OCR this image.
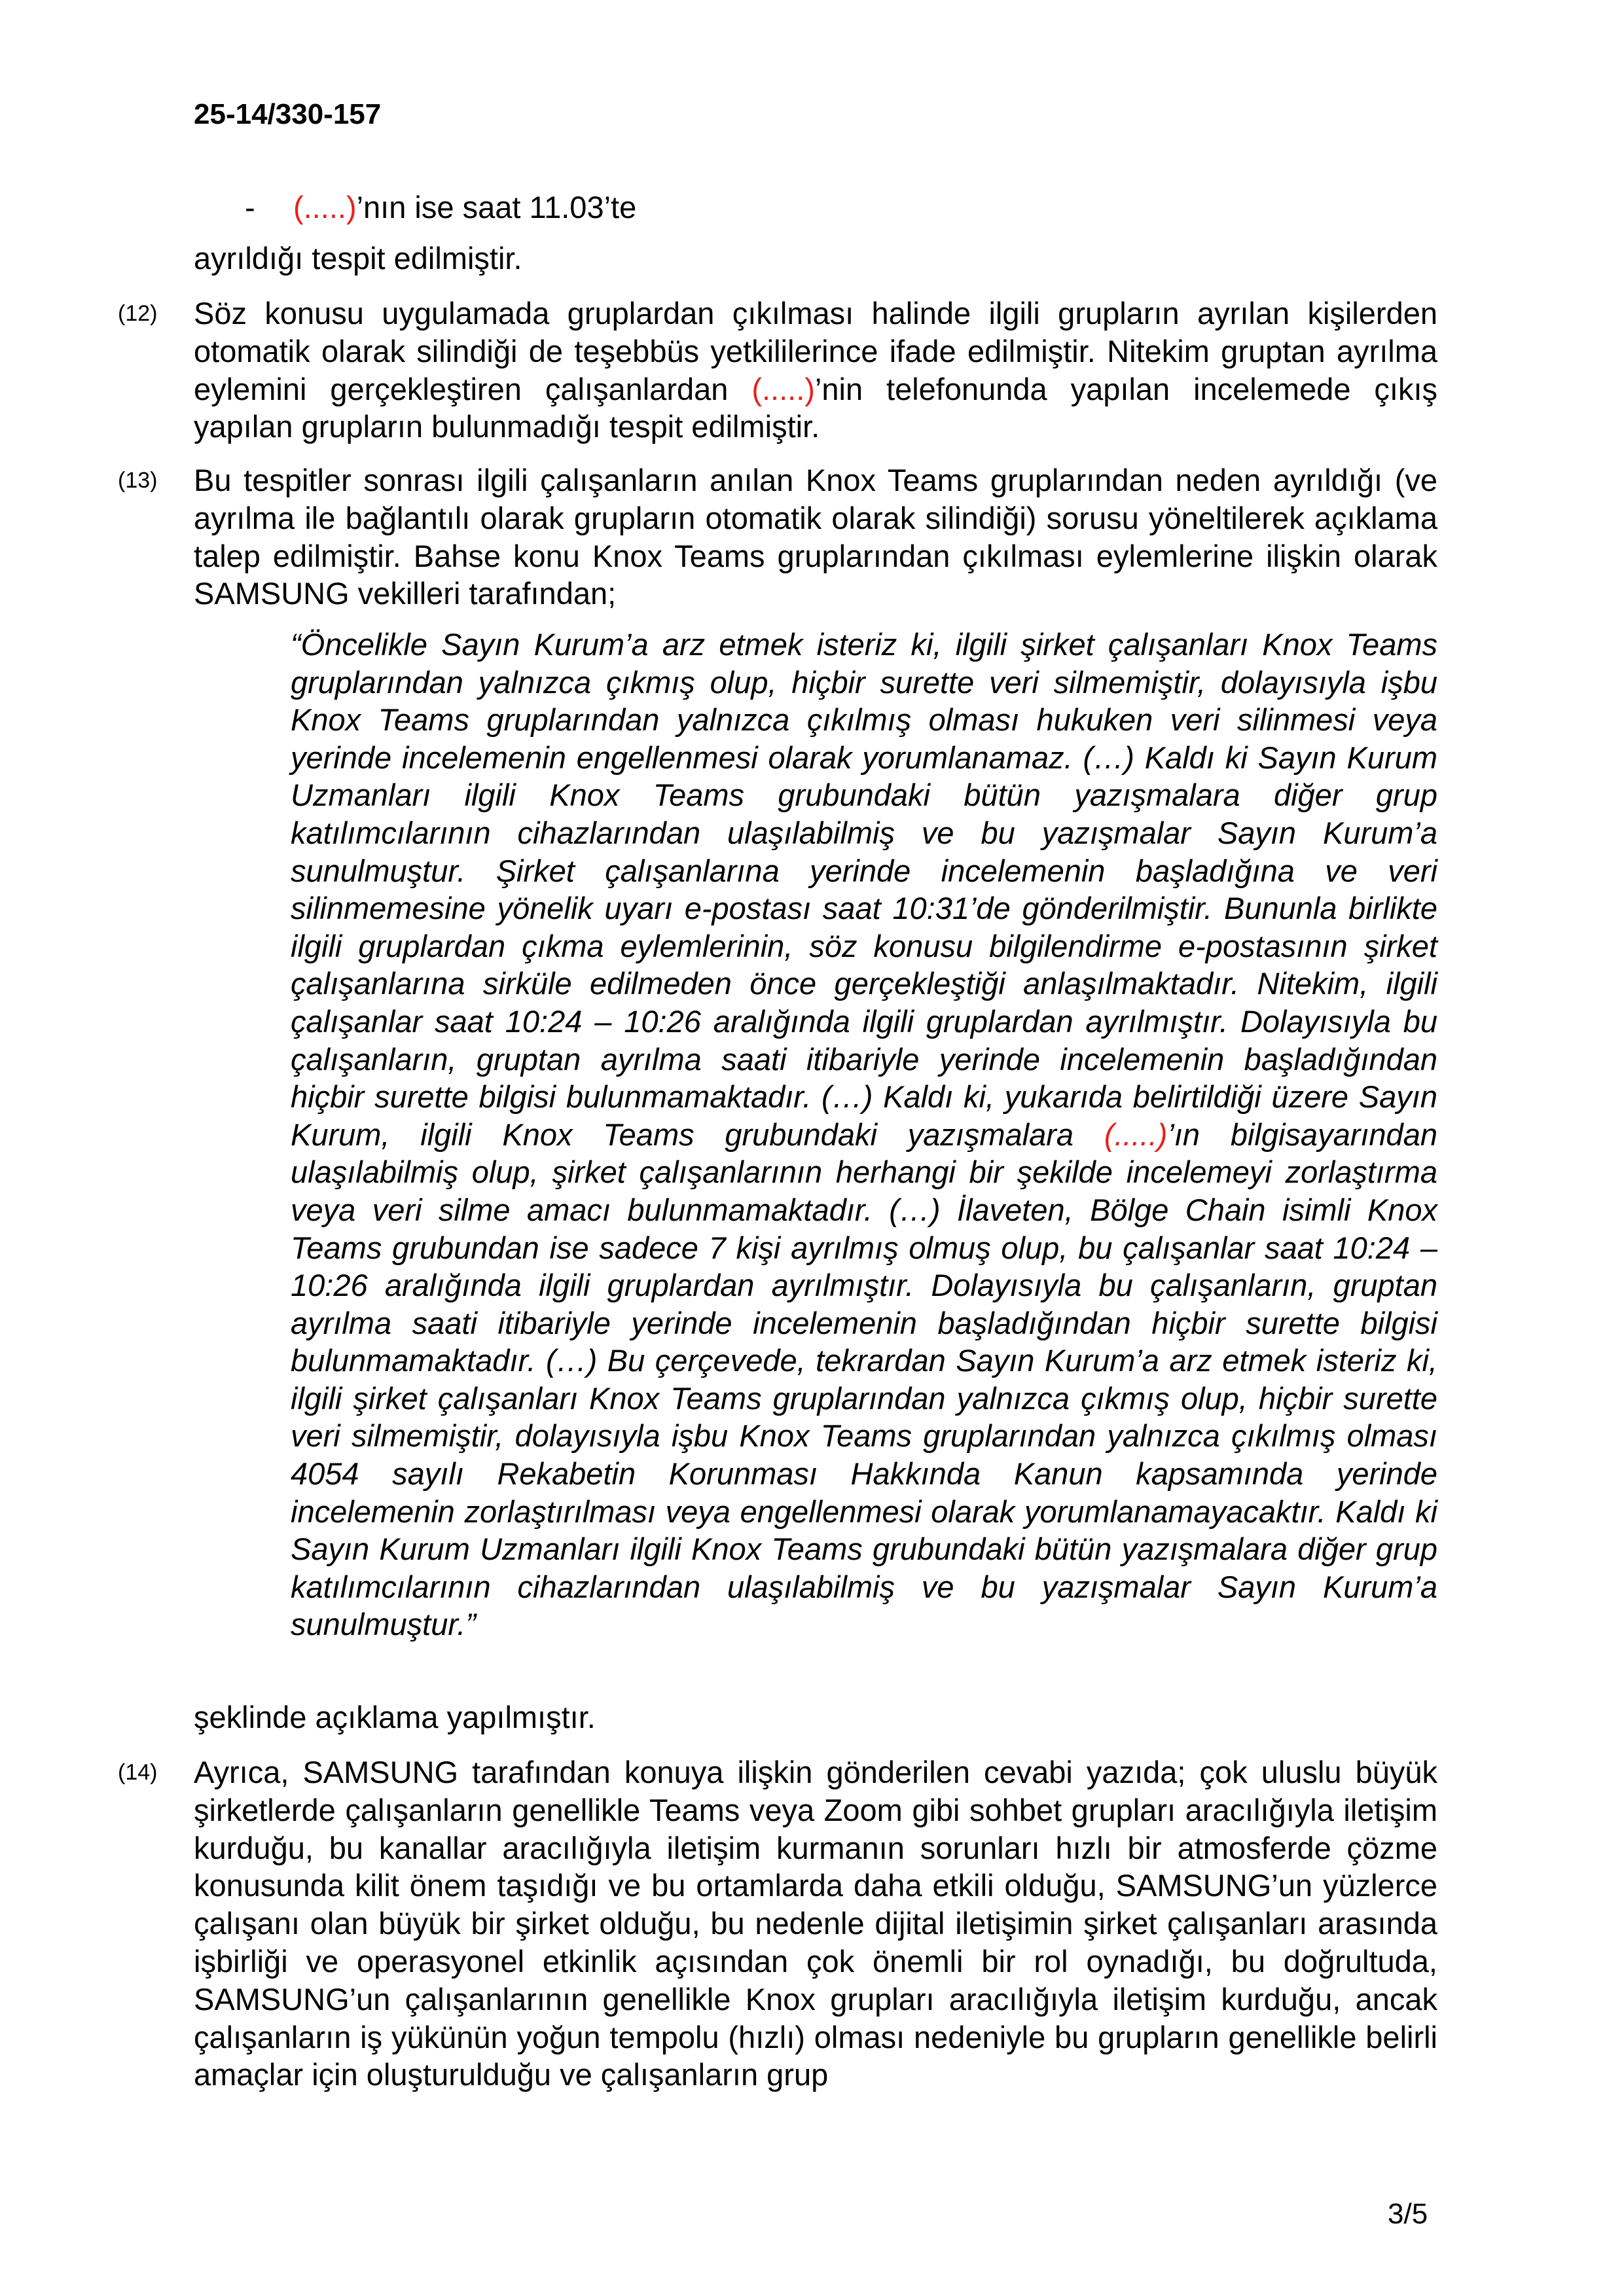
25-14/330-157

- (.....)’nın ise saat 11.03’te

ayrıldığı tespit edilmiştir.

(12) Söz konusu uygulamada gruplardan çıkılması halinde ilgili grupların ayrılan kişilerden otomatik olarak silindiği de teşebbüs yetkililerince ifade edilmiştir. Nitekim gruptan ayrılma eylemini gerçekleştiren çalışanlardan (.....)’nin telefonunda yapılan incelemede çıkış yapılan grupların bulunmadığı tespit edilmiştir.

(13) Bu tespitler sonrası ilgili çalışanların anılan Knox Teams gruplarından neden ayrıldığı (ve ayrılma ile bağlantılı olarak grupların otomatik olarak silindiği) sorusu yöneltilerek açıklama talep edilmiştir. Bahse konu Knox Teams gruplarından çıkılması eylemlerine ilişkin olarak SAMSUNG vekilleri tarafından;

“Öncelikle Sayın Kurum’a arz etmek isteriz ki, ilgili şirket çalışanları Knox Teams gruplarından yalnızca çıkmış olup, hiçbir surette veri silmemiştir, dolayısıyla işbu Knox Teams gruplarından yalnızca çıkılmış olması hukuken veri silinmesi veya yerinde incelemenin engellenmesi olarak yorumlanamaz. (…) Kaldı ki Sayın Kurum Uzmanları ilgili Knox Teams grubundaki bütün yazışmalara diğer grup katılımcılarının cihazlarından ulaşılabilmiş ve bu yazışmalar Sayın Kurum’a sunulmuştur. Şirket çalışanlarına yerinde incelemenin başladığına ve veri silinmemesine yönelik uyarı e-postası saat 10:31’de gönderilmiştir. Bununla birlikte ilgili gruplardan çıkma eylemlerinin, söz konusu bilgilendirme e-postasının şirket çalışanlarına sirküle edilmeden önce gerçekleştiği anlaşılmaktadır. Nitekim, ilgili çalışanlar saat 10:24 – 10:26 aralığında ilgili gruplardan ayrılmıştır. Dolayısıyla bu çalışanların, gruptan ayrılma saati itibariyle yerinde incelemenin başladığından hiçbir surette bilgisi bulunmamaktadır. (…) Kaldı ki, yukarıda belirtildiği üzere Sayın Kurum, ilgili Knox Teams grubundaki yazışmalara (.....)’ın bilgisayarından ulaşılabilmiş olup, şirket çalışanlarının herhangi bir şekilde incelemeyi zorlaştırma veya veri silme amacı bulunmamaktadır. (…) İlaveten, Bölge Chain isimli Knox Teams grubundan ise sadece 7 kişi ayrılmış olmuş olup, bu çalışanlar saat 10:24 – 10:26 aralığında ilgili gruplardan ayrılmıştır. Dolayısıyla bu çalışanların, gruptan ayrılma saati itibariyle yerinde incelemenin başladığından hiçbir surette bilgisi bulunmamaktadır. (…) Bu çerçevede, tekrardan Sayın Kurum’a arz etmek isteriz ki, ilgili şirket çalışanları Knox Teams gruplarından yalnızca çıkmış olup, hiçbir surette veri silmemiştir, dolayısıyla işbu Knox Teams gruplarından yalnızca çıkılmış olması 4054 sayılı Rekabetin Korunması Hakkında Kanun kapsamında yerinde incelemenin zorlaştırılması veya engellenmesi olarak yorumlanamayacaktır. Kaldı ki Sayın Kurum Uzmanları ilgili Knox Teams grubundaki bütün yazışmalara diğer grup katılımcılarının cihazlarından ulaşılabilmiş ve bu yazışmalar Sayın Kurum’a sunulmuştur.”

şeklinde açıklama yapılmıştır.

(14) Ayrıca, SAMSUNG tarafından konuya ilişkin gönderilen cevabi yazıda; çok uluslu büyük şirketlerde çalışanların genellikle Teams veya Zoom gibi sohbet grupları aracılığıyla iletişim kurduğu, bu kanallar aracılığıyla iletişim kurmanın sorunları hızlı bir atmosferde çözme konusunda kilit önem taşıdığı ve bu ortamlarda daha etkili olduğu, SAMSUNG’un yüzlerce çalışanı olan büyük bir şirket olduğu, bu nedenle dijital iletişimin şirket çalışanları arasında işbirliği ve operasyonel etkinlik açısından çok önemli bir rol oynadığı, bu doğrultuda, SAMSUNG’un çalışanlarının genellikle Knox grupları aracılığıyla iletişim kurduğu, ancak çalışanların iş yükünün yoğun tempolu (hızlı) olması nedeniyle bu grupların genellikle belirli amaçlar için oluşturulduğu ve çalışanların grup

3/5
